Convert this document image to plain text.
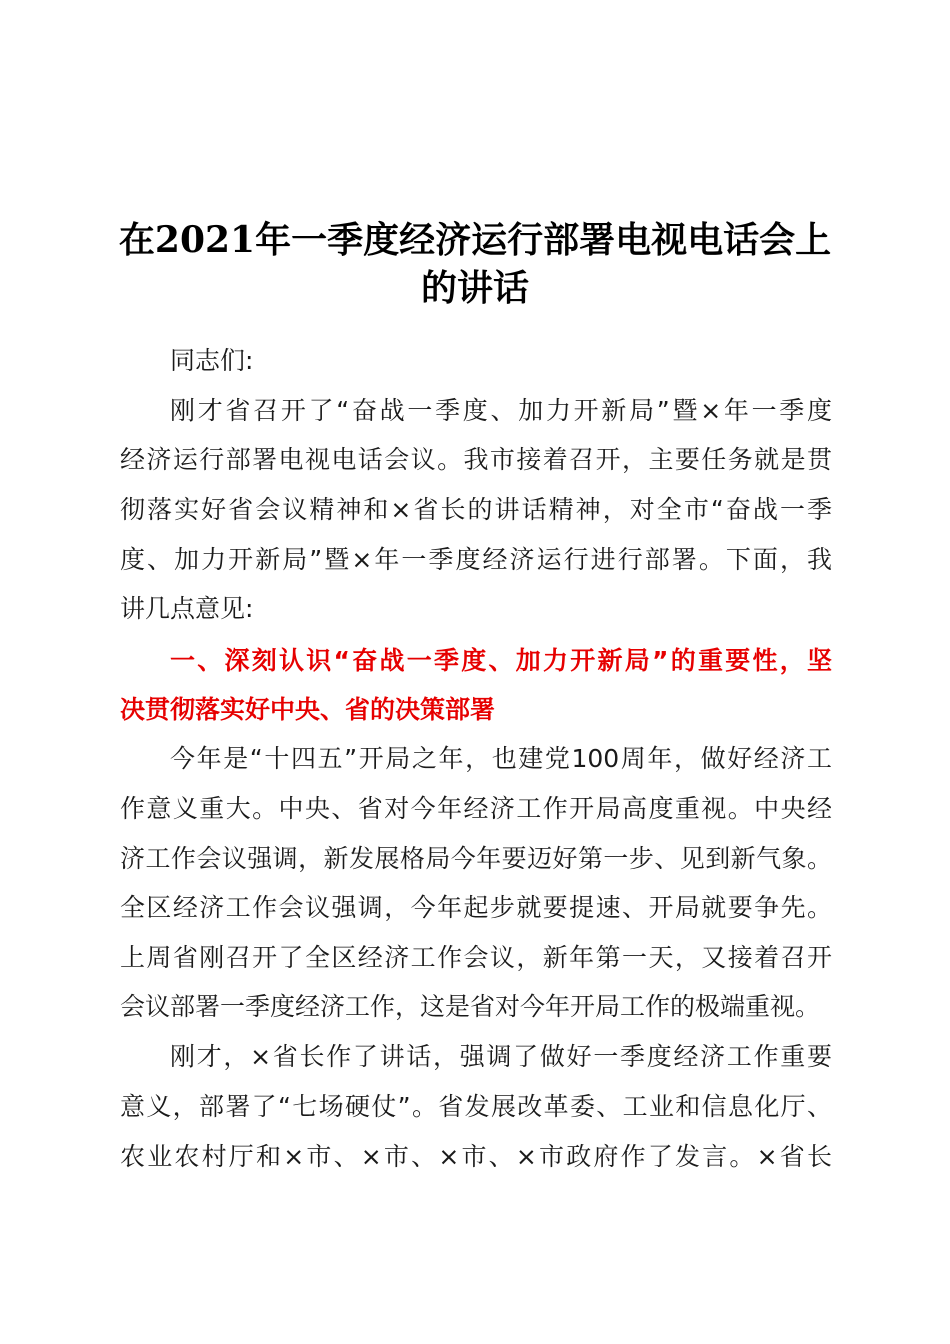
在2021年一季度经济运行部署电视电话会上
的讲话
同志们:
刚才省召开了“奋战一季度、加力开新局”暨×年一季度
经济运行部署电视电话会议。我市接着召开，主要任务就是贯
彻落实好省会议精神和×省长的讲话精神，对全市“奋战一季
度、加力开新局”暨×年一季度经济运行进行部署。下面，我
讲几点意见:
一、深刻认识“奋战一季度、加力开新局”的重要性，坚
决贯彻落实好中央、省的决策部署
今年是“十四五”开局之年，也建党100周年，做好经济工
作意义重大。中央、省对今年经济工作开局高度重视。中央经
济工作会议强调，新发展格局今年要迈好第一步、见到新气象。
全区经济工作会议强调，今年起步就要提速、开局就要争先。
上周省刚召开了全区经济工作会议，新年第一天，又接着召开
会议部署一季度经济工作，这是省对今年开局工作的极端重视。
刚才，×省长作了讲话，强调了做好一季度经济工作重要
意义，部署了“七场硬仗”。省发展改革委、工业和信息化厅、
农业农村厅和×市、×市、×市、×市政府作了发言。×省长
